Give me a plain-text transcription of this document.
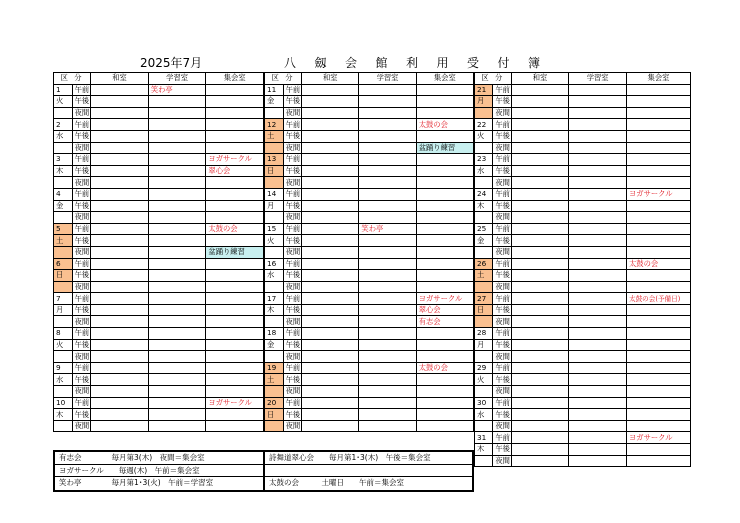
2025年7月	八劔会館利用受付簿
区 分		和室	学習室	集会室
1	午前		笑わ亭	
火	午後			
	夜間			
2	午前			
水	午後			
	夜間			
3	午前			ヨガサークル
木	午後			翠心会
	夜間			
4	午前			
金	午後			
	夜間			
5	午前			太鼓の会
土	午後			
	夜間			盆踊り練習
6	午前			
日	午後			
	夜間			
7	午前			
月	午後			
	夜間			
8	午前			
火	午後			
	夜間			
9	午前			
水	午後			
	夜間			
10	午前			ヨガサークル
木	午後			
	夜間			
区 分		和室	学習室	集会室
11	午前			
金	午後			
	夜間			
12	午前			太鼓の会
土	午後			
	夜間			盆踊り練習
13	午前			
日	午後			
	夜間			
14	午前			
月	午後			
	夜間			
15	午前		笑わ亭	
火	午後			
	夜間			
16	午前			
水	午後			
	夜間			
17	午前			ヨガサークル
木	午後			翠心会
	夜間			有志会
18	午前			
金	午後			
	夜間			
19	午前			太鼓の会
土	午後			
	夜間			
20	午前			
日	午後			
	夜間			
区 分		和室	学習室	集会室
21	午前			
月	午後			
	夜間			
22	午前			
火	午後			
	夜間			
23	午前			
水	午後			
	夜間			
24	午前			ヨガサークル
木	午後			
	夜間			
25	午前			
金	午後			
	夜間			
26	午前			太鼓の会
土	午後			
	夜間			
27	午前			太鼓の会(予備日)
日	午後			
	夜間			
28	午前			
月	午後			
	夜間			
29	午前			
火	午後			
	夜間			
30	午前			
水	午後			
	夜間			
31	午前			ヨガサークル
木	午後			
	夜間			
有志会　　　　毎月第3(木)　夜間＝集会室
ヨガサークル　　毎週(木)　午前＝集会室
笑わ亭　　　　毎月第1･3(火)　午前＝学習室
詩舞道翠心会　　毎月第1･3(木)　午後＝集会室
太鼓の会　　　土曜日　　午前＝集会室
